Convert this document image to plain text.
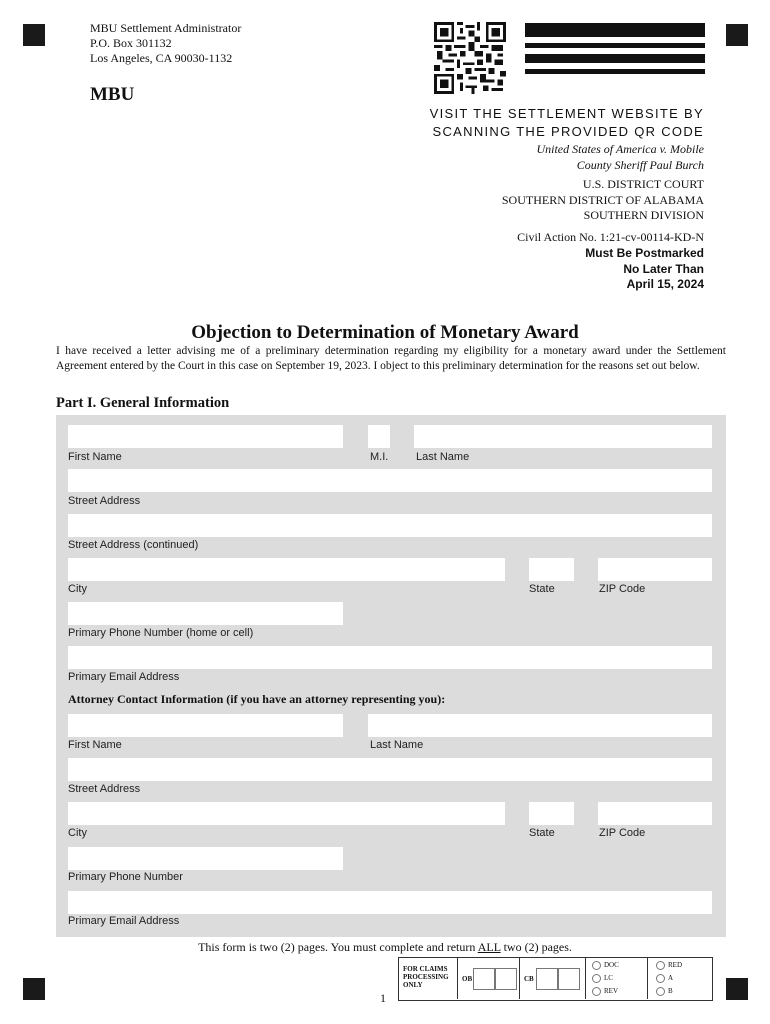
MBU Settlement Administrator
P.O. Box 301132
Los Angeles, CA 90030-1132
MBU
VISIT THE SETTLEMENT WEBSITE BY
SCANNING THE PROVIDED QR CODE
United States of America v. Mobile
County Sheriff Paul Burch
U.S. DISTRICT COURT
SOUTHERN DISTRICT OF ALABAMA
SOUTHERN DIVISION
Civil Action No. 1:21-cv-00114-KD-N
Must Be Postmarked
No Later Than
April 15, 2024
Objection to Determination of Monetary Award
I have received a letter advising me of a preliminary determination regarding my eligibility for a monetary award under the Settlement Agreement entered by the Court in this case on September 19, 2023. I object to this preliminary determination for the reasons set out below.
Part I. General Information
First Name	M.I.	Last Name
Street Address
Street Address (continued)
City	State	ZIP Code
Primary Phone Number (home or cell)
Primary Email Address
Attorney Contact Information (if you have an attorney representing you):
First Name	Last Name
Street Address
City	State	ZIP Code
Primary Phone Number
Primary Email Address
This form is two (2) pages. You must complete and return ALL two (2) pages.
1
FOR CLAIMS PROCESSING ONLY
OB	CB
DOC
LC
REV
RED
A
B
